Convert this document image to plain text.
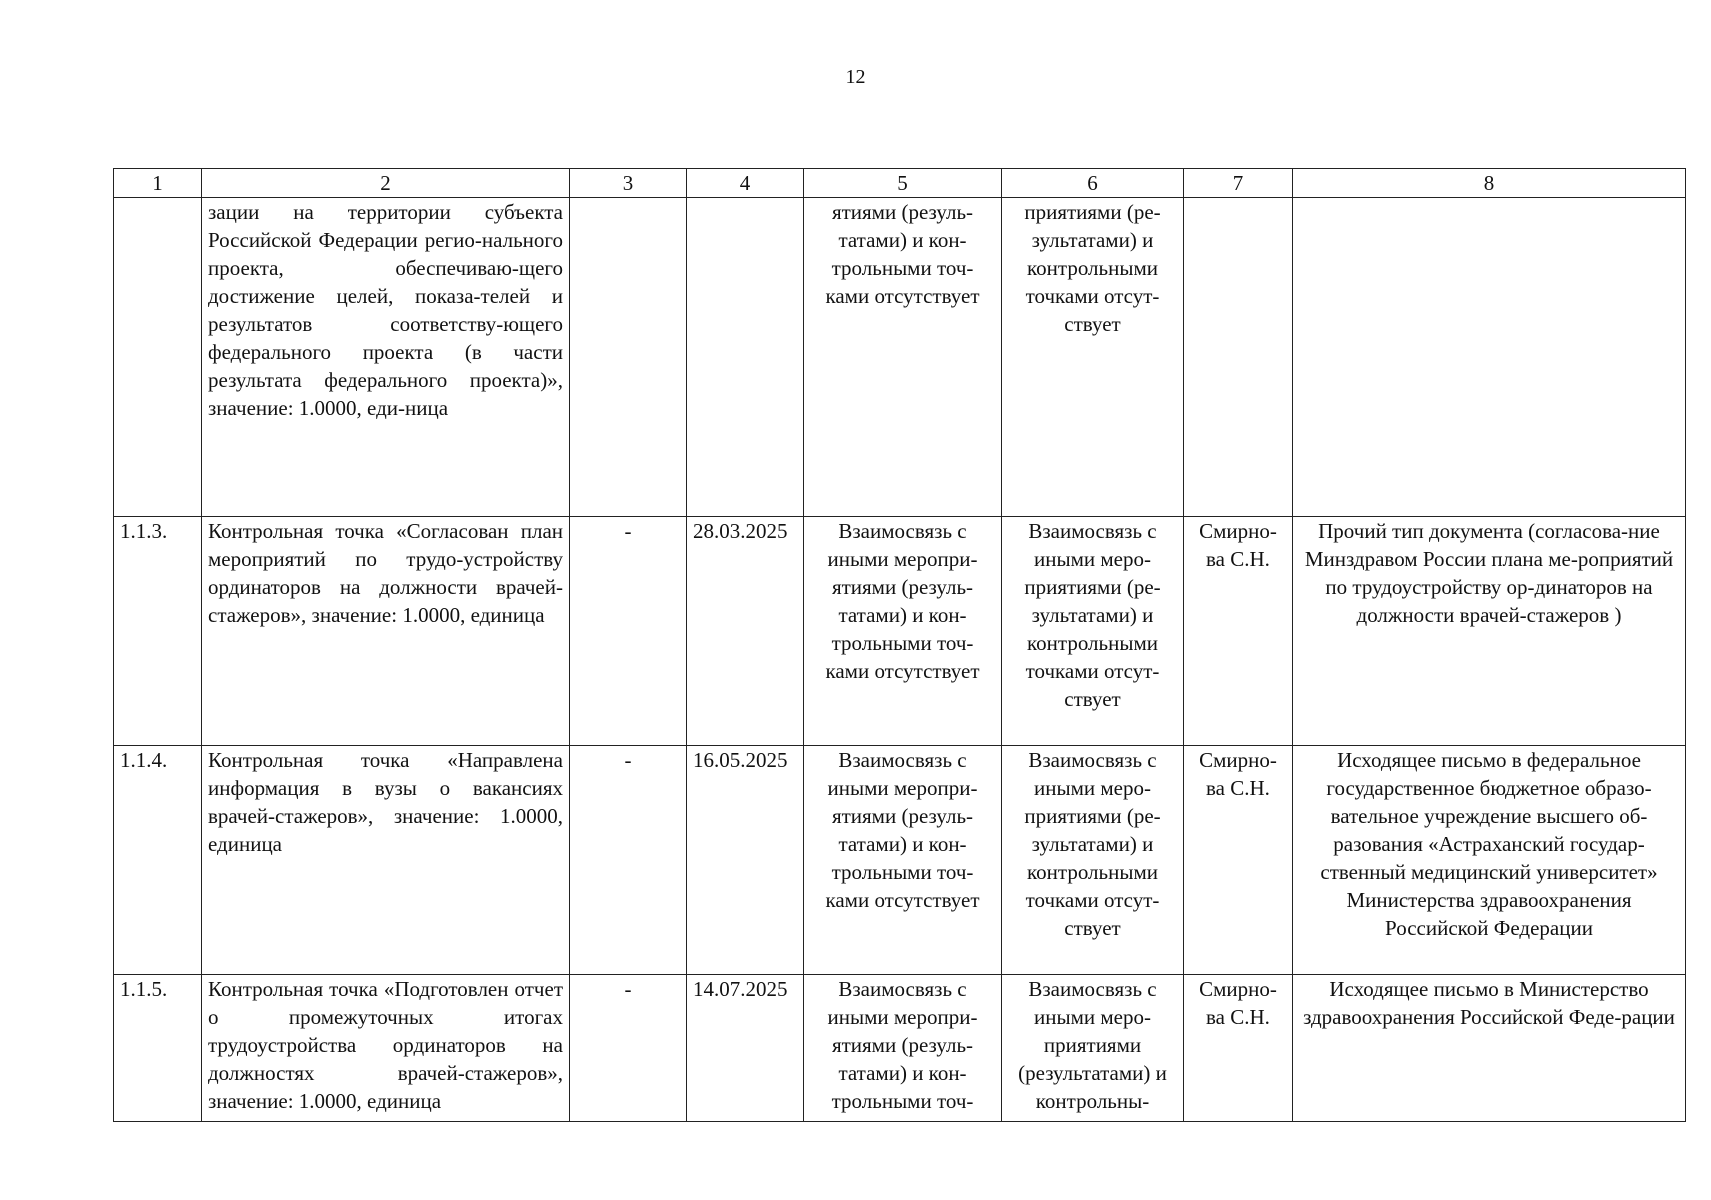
12
1	2	3	4	5	6	7	8
	зации на территории субъекта Российской Федерации регио-нального проекта, обеспечиваю-щего достижение целей, показа-телей и результатов соответству-ющего федерального проекта (в части результата федерального проекта)», значение: 1.0000, еди-ница			ятиями (резуль-татами) и кон-трольными точ-ками отсутствует	приятиями (ре-зультатами) и контрольными точками отсут-ствует		
1.1.3.	Контрольная точка «Согласован план мероприятий по трудо-устройству ординаторов на должности врачей-стажеров», значение: 1.0000, единица	-	28.03.2025	Взаимосвязь с иными меропри-ятиями (резуль-татами) и кон-трольными точ-ками отсутствует	Взаимосвязь с иными меро-приятиями (ре-зультатами) и контрольными точками отсут-ствует	Смирно-ва С.Н.	Прочий тип документа (согласова-ние Минздравом России плана ме-роприятий по трудоустройству ор-динаторов на должности врачей-стажеров )
1.1.4.	Контрольная точка «Направлена информация в вузы о вакансиях врачей-стажеров», значение: 1.0000, единица	-	16.05.2025	Взаимосвязь с иными меропри-ятиями (резуль-татами) и кон-трольными точ-ками отсутствует	Взаимосвязь с иными меро-приятиями (ре-зультатами) и контрольными точками отсут-ствует	Смирно-ва С.Н.	Исходящее письмо в федеральное государственное бюджетное образо-вательное учреждение высшего об-разования «Астраханский государ-ственный медицинский университет» Министерства здравоохранения Российской Федерации
1.1.5.	Контрольная точка «Подготовлен отчет о промежуточных итогах трудоустройства ординаторов на должностях врачей-стажеров», значение: 1.0000, единица	-	14.07.2025	Взаимосвязь с иными меропри-ятиями (резуль-татами) и кон-трольными точ-	Взаимосвязь с иными меро-приятиями (результатами) и контрольны-	Смирно-ва С.Н.	Исходящее письмо в Министерство здравоохранения Российской Феде-рации
